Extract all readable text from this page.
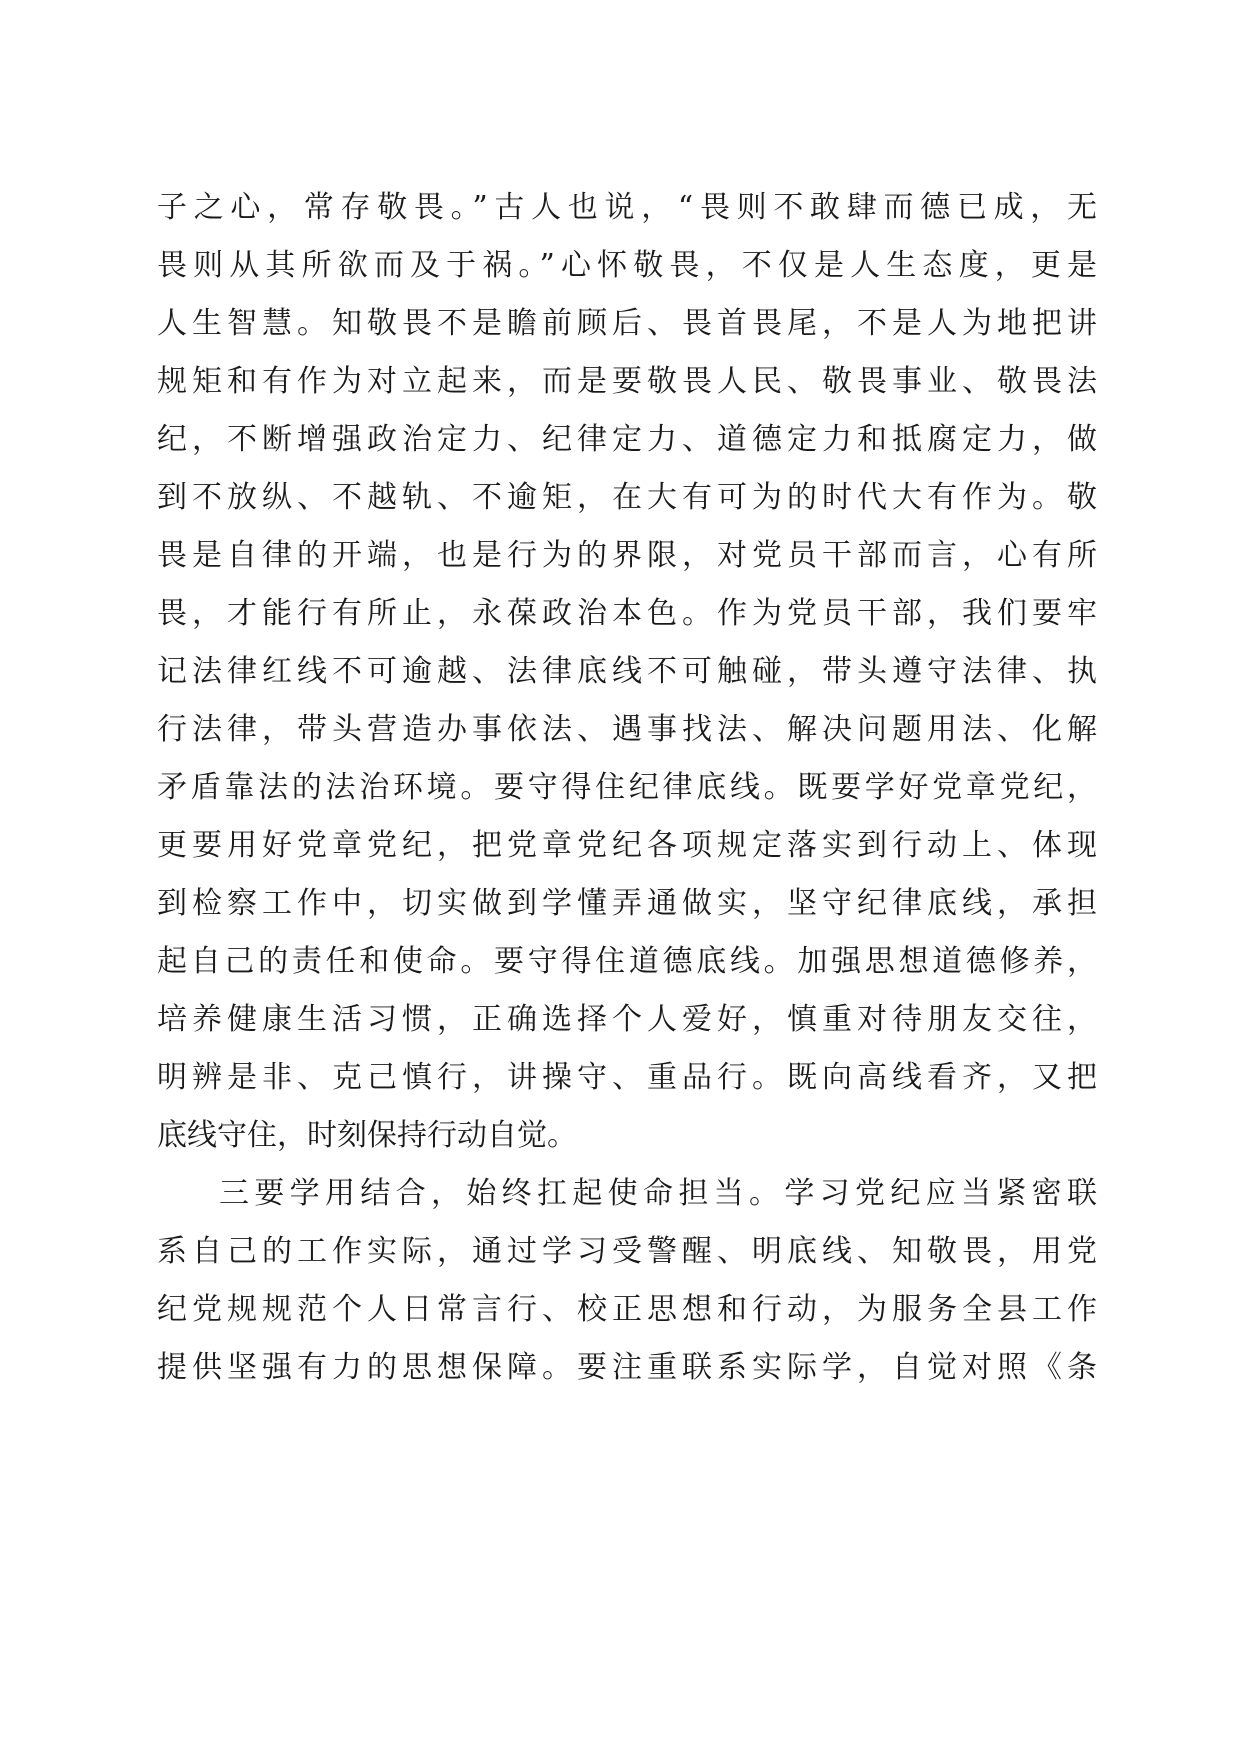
子之心，常存敬畏。”古人也说，“畏则不敢肆而德已成，无
畏则从其所欲而及于祸。”心怀敬畏，不仅是人生态度，更是
人生智慧。知敬畏不是瞻前顾后、畏首畏尾，不是人为地把讲
规矩和有作为对立起来，而是要敬畏人民、敬畏事业、敬畏法
纪，不断增强政治定力、纪律定力、道德定力和抵腐定力，做
到不放纵、不越轨、不逾矩，在大有可为的时代大有作为。敬
畏是自律的开端，也是行为的界限，对党员干部而言，心有所
畏，才能行有所止，永葆政治本色。作为党员干部，我们要牢
记法律红线不可逾越、法律底线不可触碰，带头遵守法律、执
行法律，带头营造办事依法、遇事找法、解决问题用法、化解
矛盾靠法的法治环境。要守得住纪律底线。既要学好党章党纪，
更要用好党章党纪，把党章党纪各项规定落实到行动上、体现
到检察工作中，切实做到学懂弄通做实，坚守纪律底线，承担
起自己的责任和使命。要守得住道德底线。加强思想道德修养，
培养健康生活习惯，正确选择个人爱好，慎重对待朋友交往，
明辨是非、克己慎行，讲操守、重品行。既向高线看齐，又把
底线守住，时刻保持行动自觉。
三要学用结合，始终扛起使命担当。学习党纪应当紧密联
系自己的工作实际，通过学习受警醒、明底线、知敬畏，用党
纪党规规范个人日常言行、校正思想和行动，为服务全县工作
提供坚强有力的思想保障。要注重联系实际学，自觉对照《条
